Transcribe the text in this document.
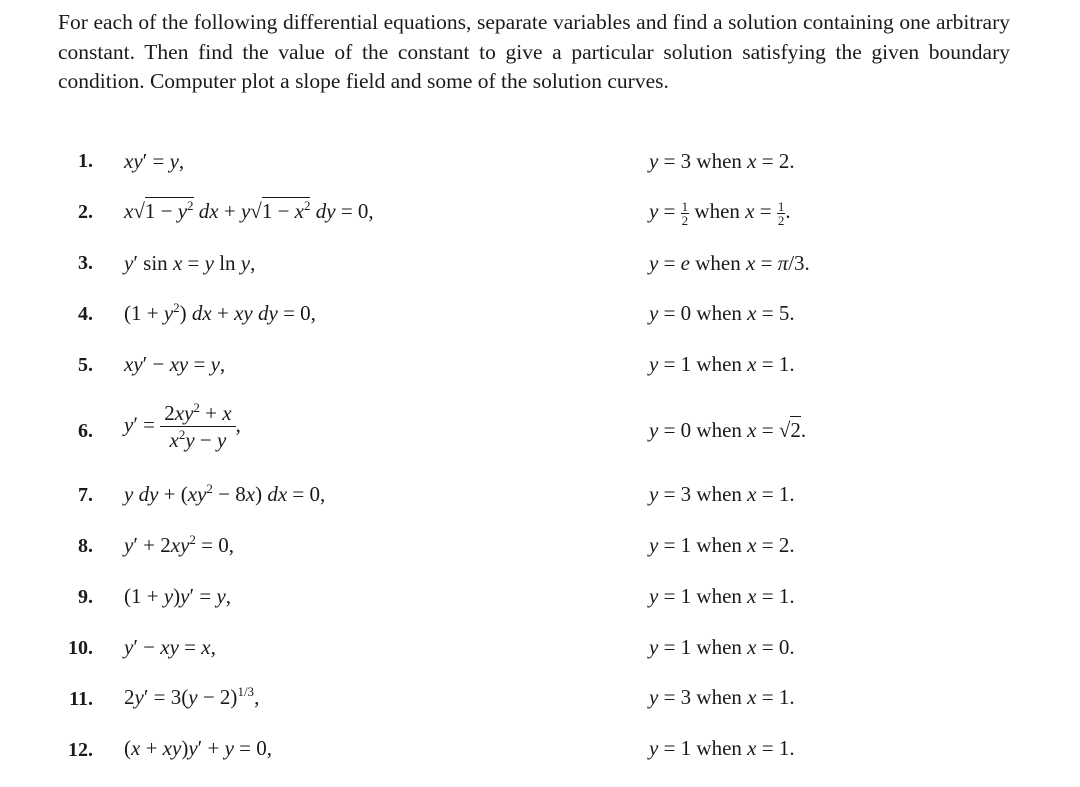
For each of the following differential equations, separate variables and find a solution containing one arbitrary constant. Then find the value of the constant to give a particular solution satisfying the given boundary condition. Computer plot a slope field and some of the solution curves.
1. xy′ = y,	y = 3 when x = 2.
2. $x√1 - y^2$ dx + $y√1 - x^2$ dy = 0,	$y = \frac{1}{2}$ when $x = \frac{1}{2}$ .
3. y′ sin x = y ln y,	y = e when x = π/3.
4. $(1 + y^2)$ dx + xy dy = 0,	y = 0 when x = 5.
5. xy′ − xy = y,	y = 1 when x = 1.
6. $y' = \frac{2xy^2 + x}{x^2y - y}$ ,	y = 0 when x = √2.
7. y dy + $(xy^2 - 8x)$ dx = 0,	y = 3 when x = 1.
8. $y' + 2xy^2 = 0$,	y = 1 when x = 2.
9. (1 + y)y′ = y,	y = 1 when x = 1.
10. y′ − xy = x,	y = 1 when x = 0.
11. $2y' = 3(y - 2)^{1/3}$,	y = 3 when x = 1.
12. (x + xy)y′ + y = 0,	y = 1 when x = 1.
